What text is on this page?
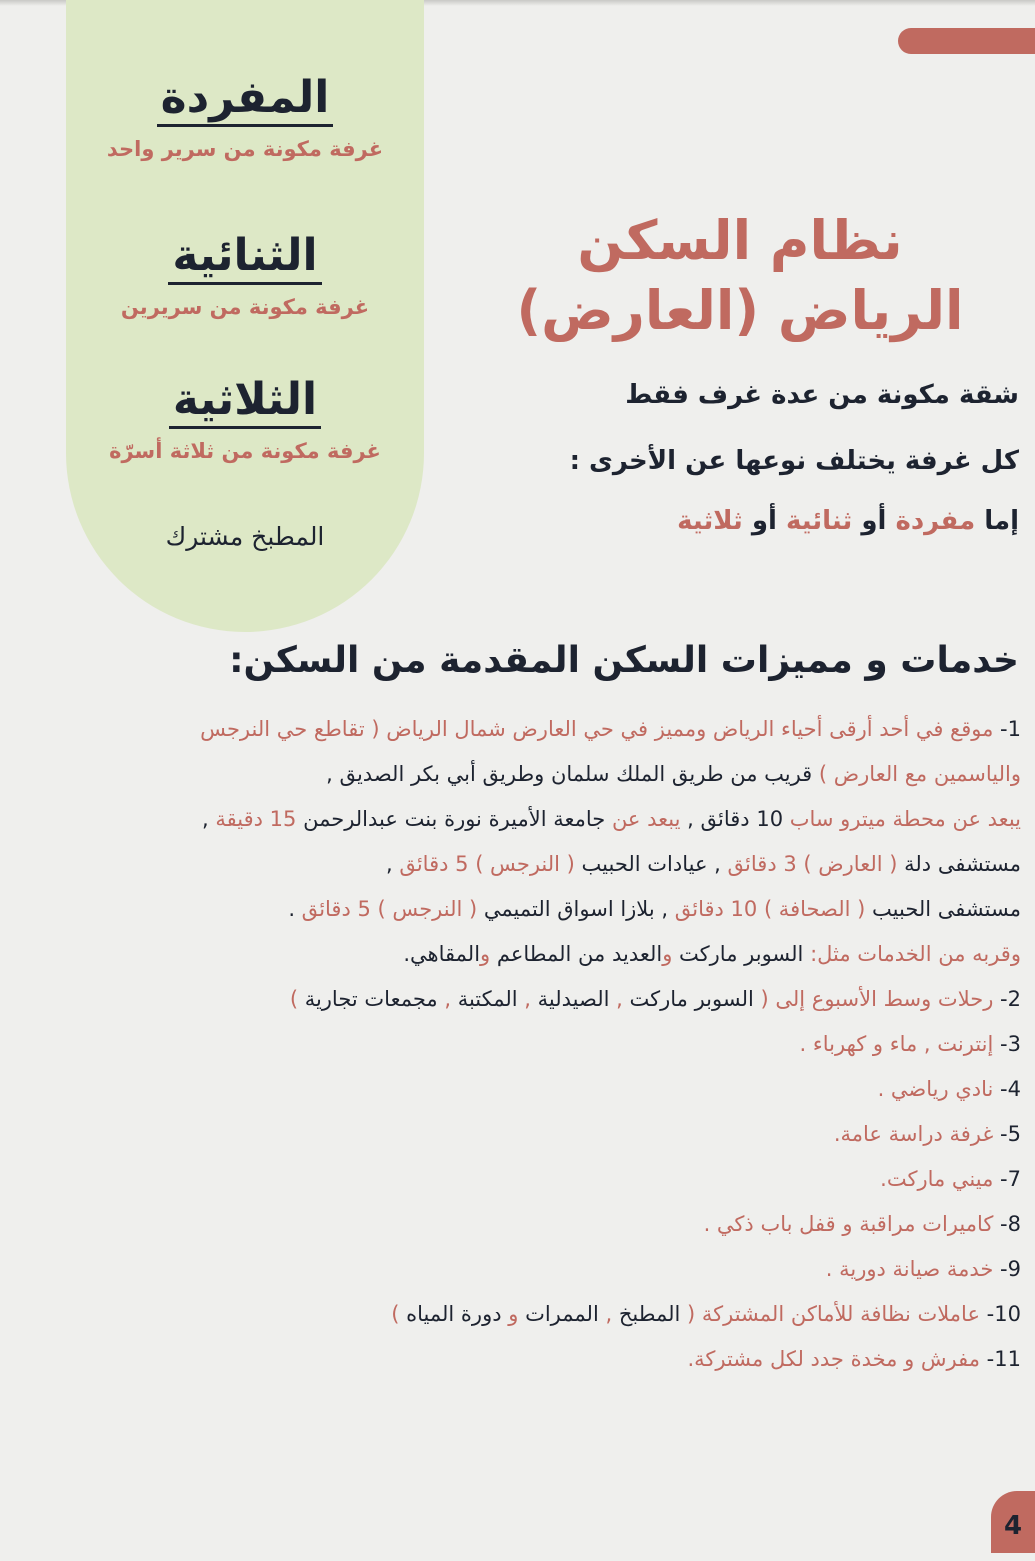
المفردة
غرفة مكونة من سرير واحد
الثنائية
غرفة مكونة من سريرين
الثلاثية
غرفة مكونة من ثلاثة أسرّة
المطبخ مشترك
نظام السكن
الرياض (العارض)
شقة مكونة من عدة غرف فقط
كل غرفة يختلف نوعها عن الأخرى :
إما مفردة أو ثنائية أو ثلاثية
خدمات و مميزات السكن المقدمة من السكن:
1- موقع في أحد أرقى أحياء الرياض ومميز في حي العارض شمال الرياض ( تقاطع حي النرجس
والياسمين مع العارض ) قريب من طريق الملك سلمان وطريق أبي بكر الصديق ,
يبعد عن محطة ميترو ساب 10 دقائق , يبعد عن جامعة الأميرة نورة بنت عبدالرحمن 15 دقيقة ,
مستشفى دلة ( العارض ) 3 دقائق , عيادات الحبيب ( النرجس ) 5 دقائق ,
مستشفى الحبيب ( الصحافة ) 10 دقائق , بلازا اسواق التميمي ( النرجس ) 5 دقائق .
وقربه من الخدمات مثل: السوبر ماركت والعديد من المطاعم والمقاهي.
2- رحلات وسط الأسبوع إلى ( السوبر ماركت , الصيدلية , المكتبة , مجمعات تجارية )
3- إنترنت , ماء و كهرباء .
4- نادي رياضي .
5- غرفة دراسة عامة.
7- ميني ماركت.
8- كاميرات مراقبة و قفل باب ذكي .
9- خدمة صيانة دورية .
10- عاملات نظافة للأماكن المشتركة ( المطبخ , الممرات و دورة المياه )
11- مفرش و مخدة جدد لكل مشتركة.
4
